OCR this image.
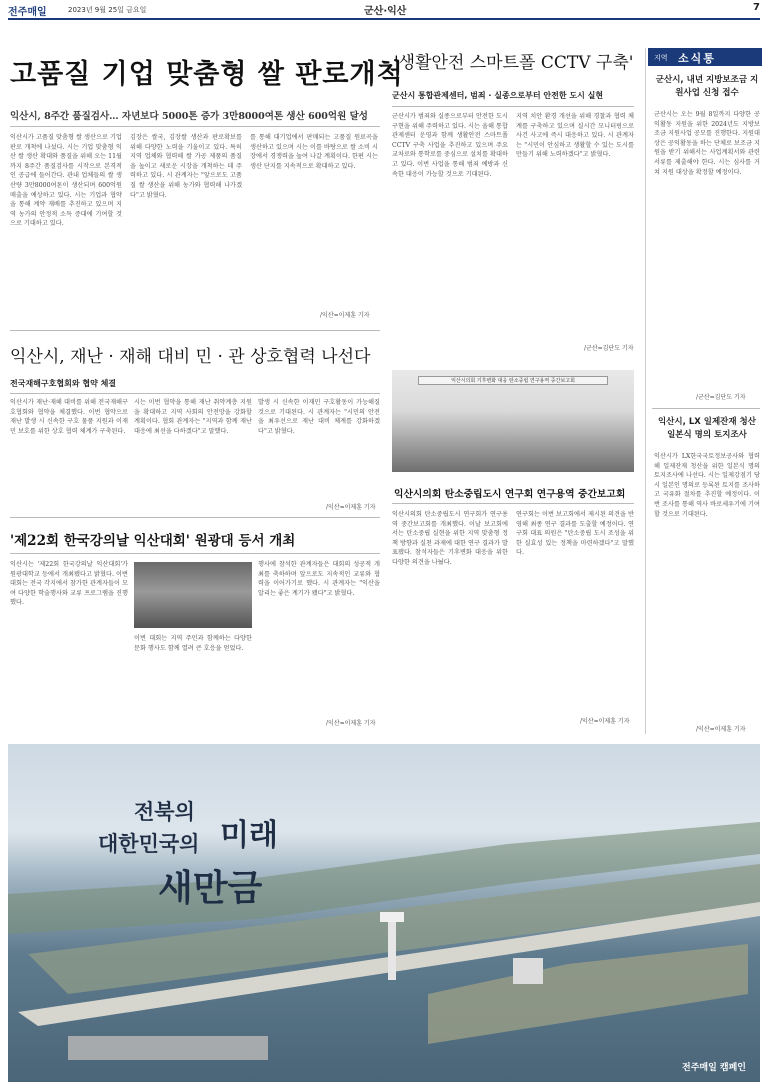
전주매일	2023년 9월 25일 금요일	군산·익산	7
고품질 기업 맞춤형 쌀 판로개척
익산시, 8주간 품질검사… 자년보다 5000톤 증가 3만8000여톤 생산 600억원 달성
익산시가 고품질 맞춤형 쌀 생산으로 기업 판로 개척에 나섰다. 시는 기업 맞춤형 익산 쌀 생산 확대와 품질을 위해 오는 11월까지 8주간 품질검사를 시작으로 본격적인 공급에 들어간다. 관내 업체들의 쌀 생산량 3만8000여톤이 생산되며 600억원 매출을 예상하고 있다. 시는 기업과 협약을 통해 계약 재배를 추진하고 있으며 지역 농가의 안정적 소득 증대에 기여할 것으로 기대하고 있다.
김장은 쌀국, 김장쌀 생산과 판로확보를 위해 다양한 노력을 기울이고 있다. 특히 지역 업체와 협력해 쌀 가공 제품의 품질을 높이고 새로운 시장을 개척하는 데 주력하고 있다. 시 관계자는 "앞으로도 고품질 쌀 생산을 위해 농가와 협력해 나가겠다"고 밝혔다.
를 통해 대기업에서 판매되는 고품질 원료곡을 생산하고 있으며 시는 이를 바탕으로 쌀 소비 시장에서 경쟁력을 높여 나갈 계획이다. 한편 시는 생산 단지를 지속적으로 확대하고 있다.
/익산=이제훈 기자
'생활안전 스마트폴 CCTV 구축'
군산시 통합관제센터, 범죄 · 실종으로부터 안전한 도시 실현
군산시가 범죄와 실종으로부터 안전한 도시 구현을 위해 주력하고 있다. 시는 올해 통합관제센터 운영과 함께 생활안전 스마트폴 CCTV 구축 사업을 추진하고 있으며 주요 교차로와 통학로를 중심으로 설치를 확대하고 있다. 이번 사업을 통해 범죄 예방과 신속한 대응이 가능할 것으로 기대된다.
지역 치안 환경 개선을 위해 경찰과 협력 체계를 구축하고 있으며 실시간 모니터링으로 사건 사고에 즉시 대응하고 있다. 시 관계자는 "시민이 안심하고 생활할 수 있는 도시를 만들기 위해 노력하겠다"고 밝혔다.
/군산=김단도 기자
지역 소식통
군산시, 내년 지방보조금 지원사업 신청 접수
군산시는 오는 9월 8일까지 다양한 공익활동 지원을 위한 2024년도 지방보조금 지원사업 공모를 진행한다. 지원대상은 공익활동을 하는 단체로 보조금 지원을 받기 위해서는 사업계획서와 관련 서류를 제출해야 한다. 시는 심사를 거쳐 지원 대상을 확정할 예정이다.
/군산=김단도 기자
익산시, LX 일제잔재 청산 일본식 명의 토지조사
익산시가 LX한국국토정보공사와 협력해 일제잔재 청산을 위한 일본식 명의 토지조사에 나선다. 시는 일제강점기 당시 일본인 명의로 등록된 토지를 조사하고 국유화 절차를 추진할 예정이다. 이번 조사를 통해 역사 바로세우기에 기여할 것으로 기대된다.
/익산=이제훈 기자
익산시, 재난 · 재해 대비 민 · 관 상호협력 나선다
전국재해구호협회와 협약 체결
익산시가 재난·재해 대비를 위해 전국재해구호협회와 협약을 체결했다. 이번 협약으로 재난 발생 시 신속한 구호 물품 지원과 이재민 보호를 위한 상호 협력 체계가 구축된다.
시는 이번 협약을 통해 재난 취약계층 지원을 확대하고 지역 사회의 안전망을 강화할 계획이다. 협회 관계자는 "지역과 함께 재난 대응에 최선을 다하겠다"고 말했다.
발생 시 신속한 이재민 구호활동이 가능해질 것으로 기대된다. 시 관계자는 "시민의 안전을 최우선으로 재난 대비 체계를 강화하겠다"고 밝혔다.
/익산=이제훈 기자
익산시의회 기후변화 대응 탄소중립 연구용역 중간보고회
익산시의회 탄소중립도시 연구회 연구용역 중간보고회
익산시의회 탄소중립도시 연구회가 연구용역 중간보고회를 개최했다. 이날 보고회에서는 탄소중립 실현을 위한 지역 맞춤형 정책 방향과 실천 과제에 대한 연구 결과가 발표됐다. 참석자들은 기후변화 대응을 위한 다양한 의견을 나눴다.
연구회는 이번 보고회에서 제시된 의견을 반영해 최종 연구 결과를 도출할 예정이다. 연구회 대표 의원은 "탄소중립 도시 조성을 위한 실효성 있는 정책을 마련하겠다"고 말했다.
/익산=이제훈 기자
'제22회 한국강의날 익산대회' 원광대 등서 개최
익산시는 '제22회 한국강의날 익산대회'가 원광대학교 등에서 개최됐다고 밝혔다. 이번 대회는 전국 각지에서 참가한 관계자들이 모여 다양한 학술행사와 교류 프로그램을 진행했다.
이번 대회는 지역 주민과 함께하는 다양한 문화 행사도 함께 열려 큰 호응을 얻었다.
행사에 참석한 관계자들은 대회의 성공적 개최를 축하하며 앞으로도 지속적인 교류와 협력을 이어가기로 했다. 시 관계자는 "익산을 알리는 좋은 계기가 됐다"고 밝혔다.
/익산=이제훈 기자
전북의
대한민국의 미래
새만금
전주매일 캠페인
